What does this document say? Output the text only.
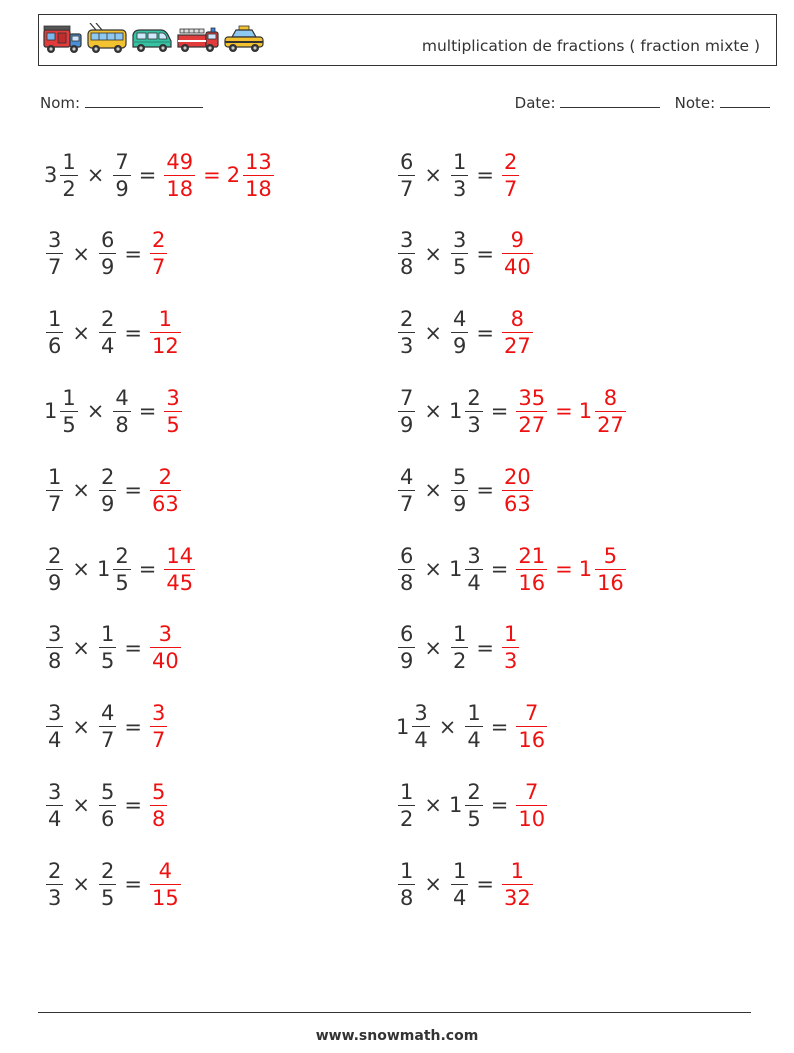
multiplication de fractions ( fraction mixte )
Nom:	Date:	Note:
$3 \frac{1}{2} \times \frac{7}{9} = \frac{49}{18} = 2 \frac{13}{18}$	$\frac{6}{7} \times \frac{1}{3} = \frac{2}{7}$
$\frac{3}{7} \times \frac{6}{9} = \frac{2}{7}$	$\frac{3}{8} \times \frac{3}{5} = \frac{9}{40}$
$\frac{1}{6} \times \frac{2}{4} = \frac{1}{12}$	$\frac{2}{3} \times \frac{4}{9} = \frac{8}{27}$
$1 \frac{1}{5} \times \frac{4}{8} = \frac{3}{5}$	$\frac{7}{9} \times 1 \frac{2}{3} = \frac{35}{27} = 1 \frac{8}{27}$
$\frac{1}{7} \times \frac{2}{9} = \frac{2}{63}$	$\frac{4}{7} \times \frac{5}{9} = \frac{20}{63}$
$\frac{2}{9} \times 1 \frac{2}{5} = \frac{14}{45}$	$\frac{6}{8} \times 1 \frac{3}{4} = \frac{21}{16} = 1 \frac{5}{16}$
$\frac{3}{8} \times \frac{1}{5} = \frac{3}{40}$	$\frac{6}{9} \times \frac{1}{2} = \frac{1}{3}$
$\frac{3}{4} \times \frac{4}{7} = \frac{3}{7}$	$1 \frac{3}{4} \times \frac{1}{4} = \frac{7}{16}$
$\frac{3}{4} \times \frac{5}{6} = \frac{5}{8}$	$\frac{1}{2} \times 1 \frac{2}{5} = \frac{7}{10}$
$\frac{2}{3} \times \frac{2}{5} = \frac{4}{15}$	$\frac{1}{8} \times \frac{1}{4} = \frac{1}{32}$
www.snowmath.com
